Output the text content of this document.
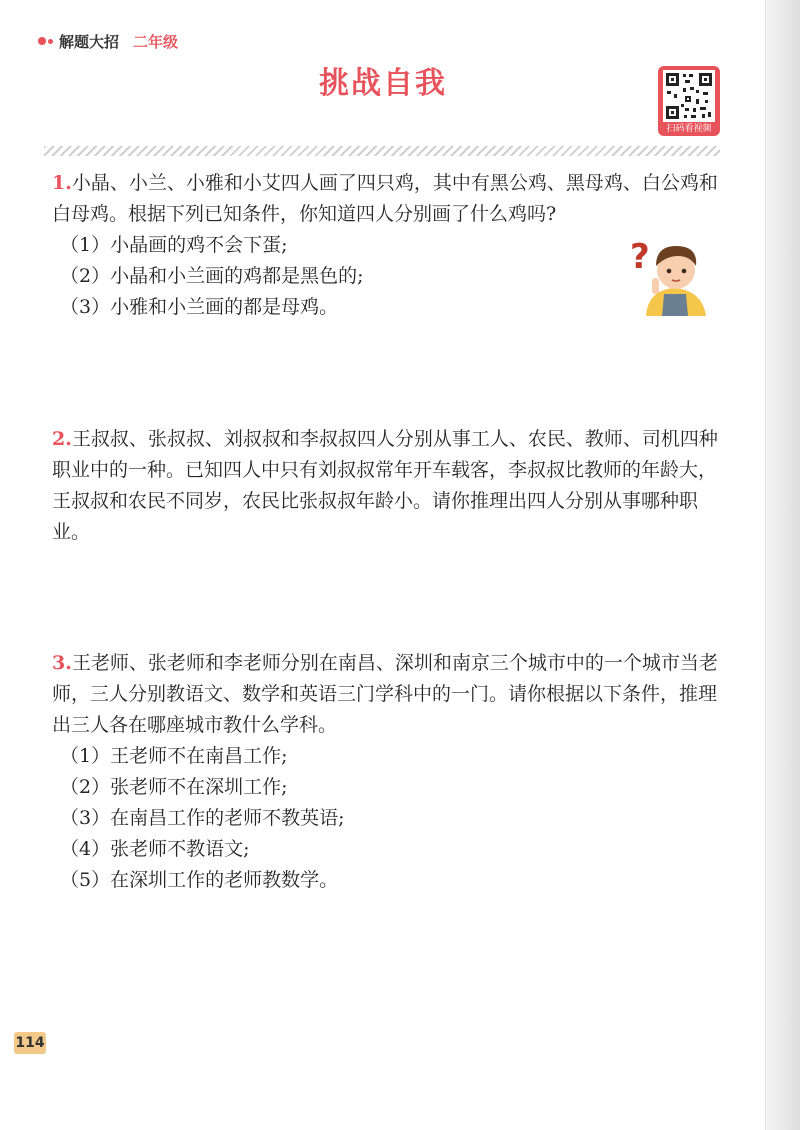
解题大招 二年级
挑战自我
扫码看视频
1.小晶、小兰、小雅和小艾四人画了四只鸡，其中有黑公鸡、黑母鸡、白公鸡和白母鸡。根据下列已知条件，你知道四人分别画了什么鸡吗?
（1）小晶画的鸡不会下蛋;
（2）小晶和小兰画的鸡都是黑色的;
（3）小雅和小兰画的都是母鸡。
?
2.王叔叔、张叔叔、刘叔叔和李叔叔四人分别从事工人、农民、教师、司机四种职业中的一种。已知四人中只有刘叔叔常年开车载客，李叔叔比教师的年龄大，王叔叔和农民不同岁，农民比张叔叔年龄小。请你推理出四人分别从事哪种职业。
3.王老师、张老师和李老师分别在南昌、深圳和南京三个城市中的一个城市当老师，三人分别教语文、数学和英语三门学科中的一门。请你根据以下条件，推理出三人各在哪座城市教什么学科。
（1）王老师不在南昌工作;
（2）张老师不在深圳工作;
（3）在南昌工作的老师不教英语;
（4）张老师不教语文;
（5）在深圳工作的老师教数学。
114
